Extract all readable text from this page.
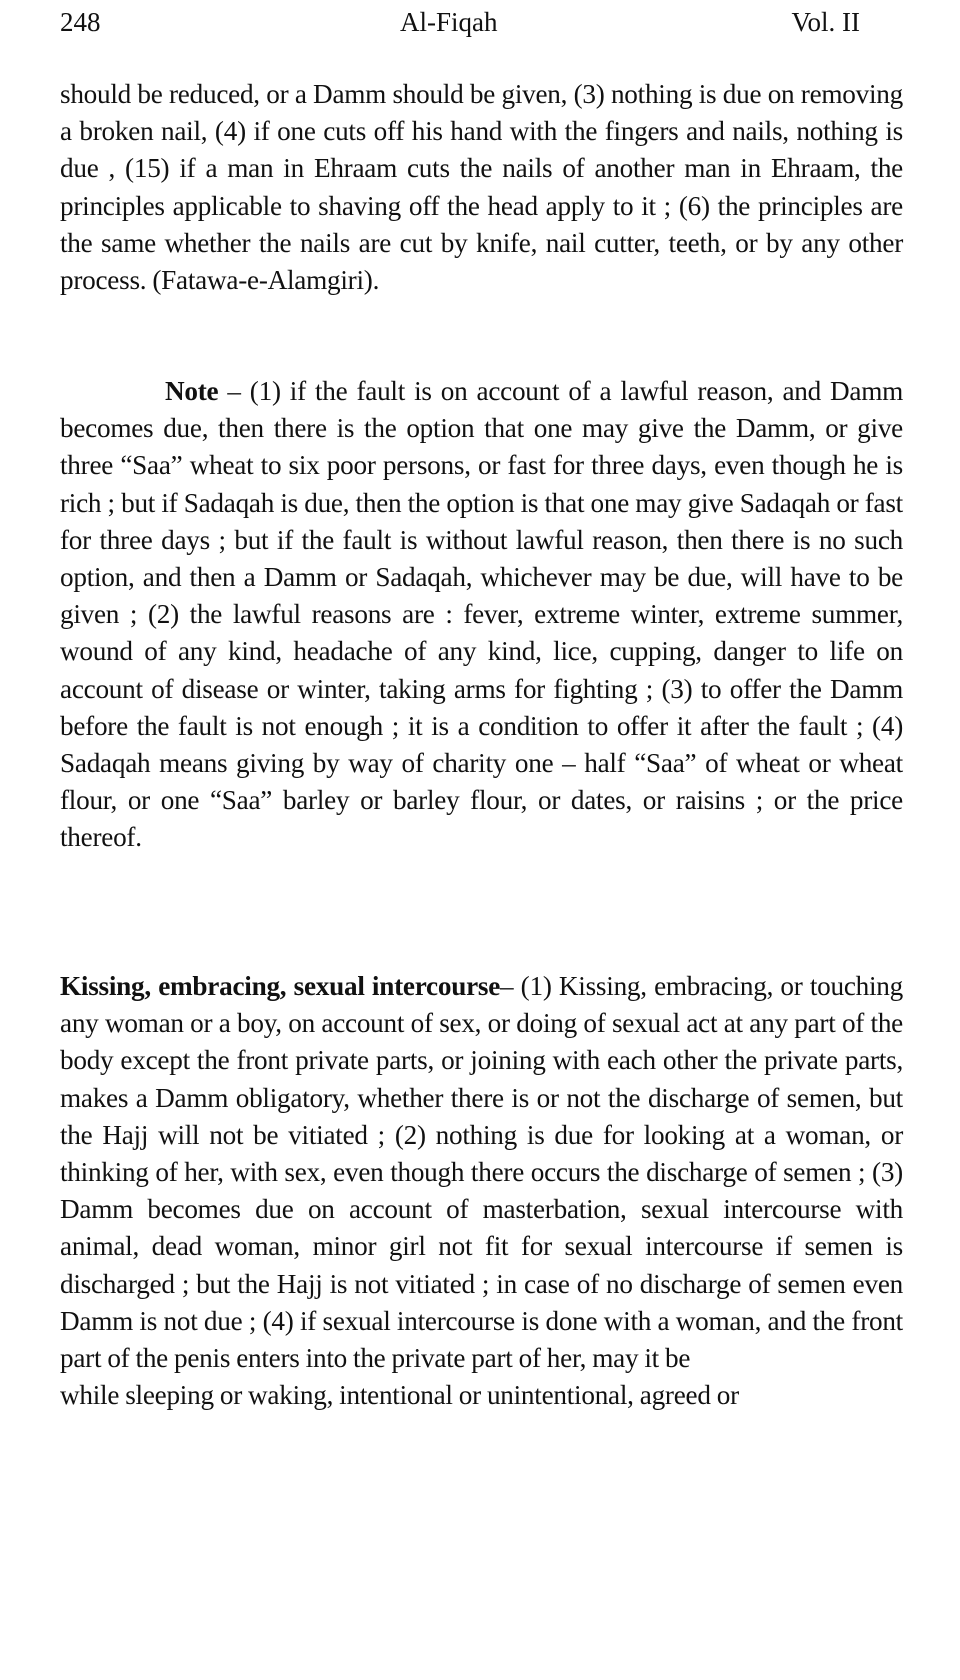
248	Al-Fiqah	Vol. II

should be reduced, or a Damm should be given, (3) nothing is due on removing a broken nail, (4) if one cuts off his hand with the fingers and nails, nothing is due , (15) if a man in Ehraam cuts the nails of another man in Ehraam, the principles applicable to shaving off the head apply to it ; (6) the principles are the same whether the nails are cut by knife, nail cutter, teeth, or by any other process. (Fatawa-e-Alamgiri).

Note – (1) if the fault is on account of a lawful reason, and Damm becomes due, then there is the option that one may give the Damm, or give three “Saa” wheat to six poor persons, or fast for three days, even though he is rich ; but if Sadaqah is due, then the option is that one may give Sadaqah or fast for three days ; but if the fault is without lawful reason, then there is no such option, and then a Damm or Sadaqah, whichever may be due, will have to be given ; (2) the lawful reasons are : fever, extreme winter, extreme summer, wound of any kind, headache of any kind, lice, cupping, danger to life on account of disease or winter, taking arms for fighting ; (3) to offer the Damm before the fault is not enough ; it is a condition to offer it after the fault ; (4) Sadaqah means giving by way of charity one – half “Saa” of wheat or wheat flour, or one “Saa” barley or barley flour, or dates, or raisins ; or the price thereof.

Kissing, embracing, sexual intercourse– (1) Kissing, embracing, or touching any woman or a boy, on account of sex, or doing of sexual act at any part of the body except the front private parts, or joining with each other the private parts, makes a Damm obligatory, whether there is or not the discharge of semen, but the Hajj will not be vitiated ; (2) nothing is due for looking at a woman, or thinking of her, with sex, even though there occurs the discharge of semen ; (3) Damm becomes due on account of masterbation, sexual intercourse with animal, dead woman, minor girl not fit for sexual intercourse if semen is discharged ; but the Hajj is not vitiated ; in case of no discharge of semen even Damm is not due ; (4) if sexual intercourse is done with a woman, and the front part of the penis enters into the private part of her, may it be
while sleeping or waking, intentional or unintentional, agreed or
